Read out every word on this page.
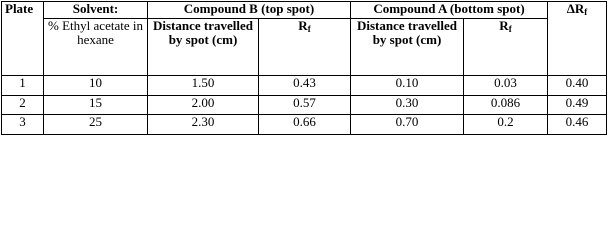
Plate	Solvent:	Compound B (top spot)		Compound A (bottom spot)		$\Delta R_f$
	% Ethyl acetate in hexane	Distance travelled by spot (cm)	$R_f$	Distance travelled by spot (cm)	$R_f$
1	10	1.50	0.43	0.10	0.03	0.40
2	15	2.00	0.57	0.30	0.086	0.49
3	25	2.30	0.66	0.70	0.2	0.46
